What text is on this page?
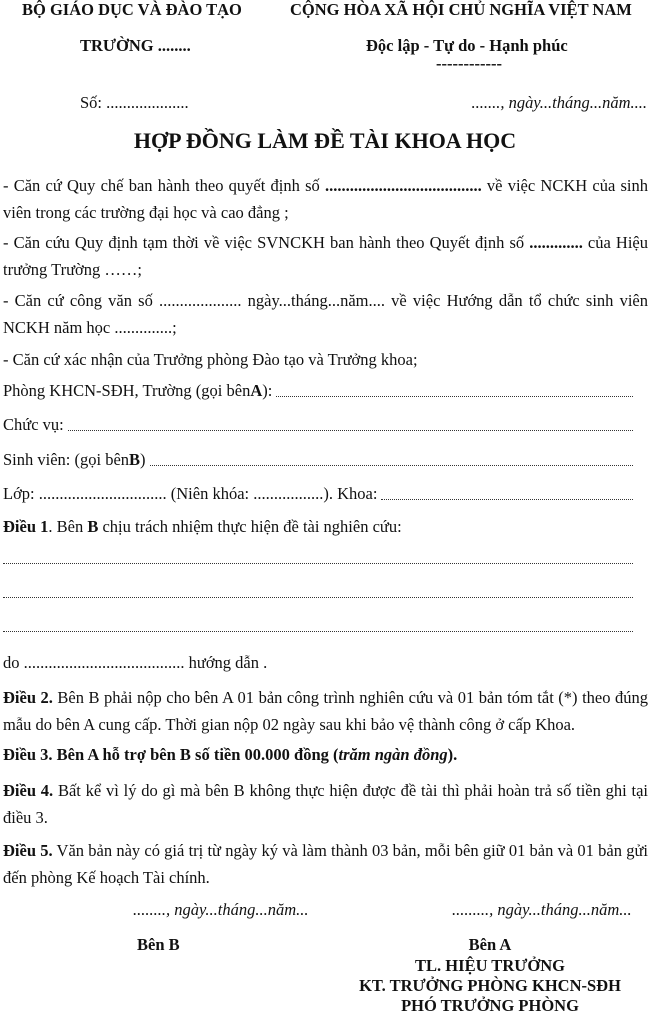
BỘ GIÁO DỤC VÀ ĐÀO TẠO	CỘNG HÒA XÃ HỘI CHỦ NGHĨA VIỆT NAM
TRƯỜNG ........	Độc lập - Tự do - Hạnh phúc
------------
Số: ....................	......., ngày...tháng...năm....
HỢP ĐỒNG LÀM ĐỀ TÀI KHOA HỌC
- Căn cứ Quy chế ban hành theo quyết định số ...................................... về việc NCKH của sinh viên trong các trường đại học và cao đẳng ;
- Căn cứu Quy định tạm thời về việc SVNCKH ban hành theo Quyết định số ............. của Hiệu trưởng Trường ……;
- Căn cứ công văn số .................... ngày...tháng...năm.... về việc Hướng dẫn tổ chức sinh viên NCKH năm học ..............;
- Căn cứ xác nhận của Trưởng phòng Đào tạo và Trưởng khoa;
Phòng KHCN-SĐH, Trường (gọi bên A ):
Chức vụ:
Sinh viên: (gọi bên B )
Lớp: ............................... (Niên khóa: .................). Khoa:
Điều 1. Bên B chịu trách nhiệm thực hiện đề tài nghiên cứu:
do ....................................... hướng dẫn .
Điều 2. Bên B phải nộp cho bên A 01 bản công trình nghiên cứu và 01 bản tóm tắt (*) theo đúng mẫu do bên A cung cấp. Thời gian nộp 02 ngày sau khi bảo vệ thành công ở cấp Khoa.
Điều 3. Bên A hỗ trợ bên B số tiền 00.000 đồng (trăm ngàn đồng).
Điều 4. Bất kể vì lý do gì mà bên B không thực hiện được đề tài thì phải hoàn trả số tiền ghi tại điều 3.
Điều 5. Văn bản này có giá trị từ ngày ký và làm thành 03 bản, mỗi bên giữ 01 bản và 01 bản gửi đến phòng Kế hoạch Tài chính.
........, ngày...tháng...năm...	........., ngày...tháng...năm...
Bên B	Bên A
TL. HIỆU TRƯỞNG
KT. TRƯỞNG PHÒNG KHCN-SĐH
PHÓ TRƯỞNG PHÒNG
